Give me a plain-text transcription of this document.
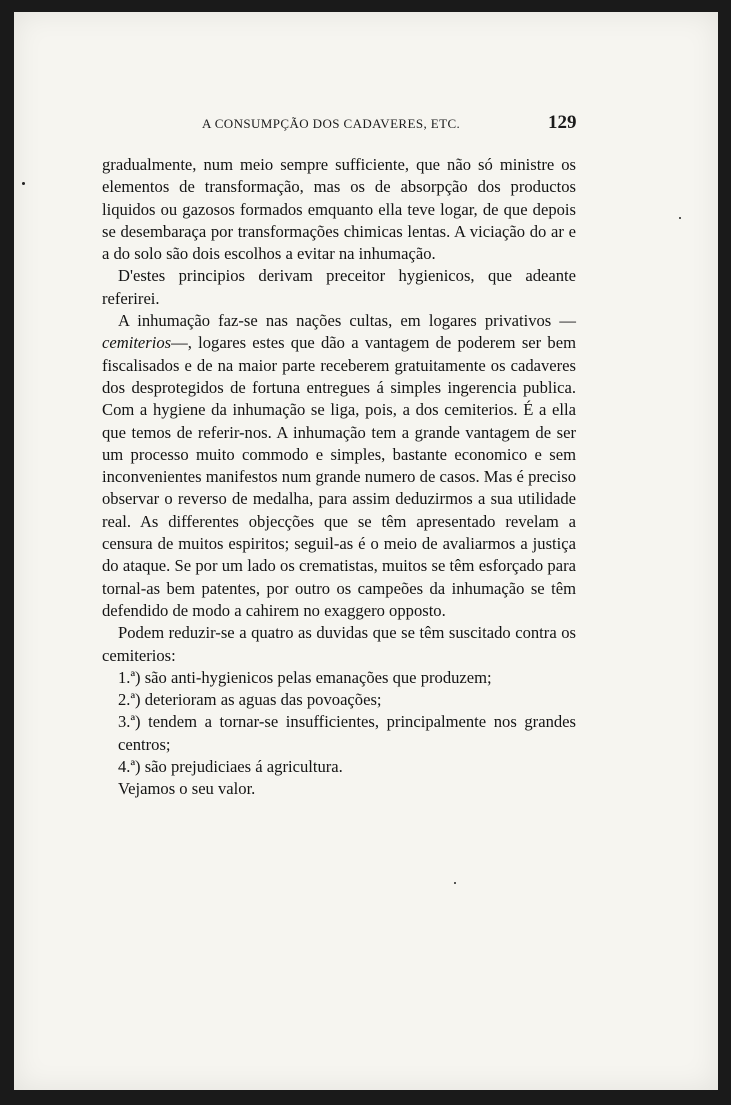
A CONSUMPÇÃO DOS CADAVERES, ETC.	129

gradualmente, num meio sempre sufficiente, que não só ministre os elementos de transformação, mas os de absorpção dos productos liquidos ou gazosos formados emquanto ella teve logar, de que depois se desembaraça por transformações chimicas lentas. A viciação do ar e a do solo são dois escolhos a evitar na inhumação.

D'estes principios derivam preceitor hygienicos, que adeante referirei.

A inhumação faz-se nas nações cultas, em logares privativos —cemiterios—, logares estes que dão a vantagem de poderem ser bem fiscalisados e de na maior parte receberem gratuitamente os cadaveres dos desprotegidos de fortuna entregues á simples ingerencia publica. Com a hygiene da inhumação se liga, pois, a dos cemiterios. É a ella que temos de referir-nos. A inhumação tem a grande vantagem de ser um processo muito commodo e simples, bastante economico e sem inconvenientes manifestos num grande numero de casos. Mas é preciso observar o reverso de medalha, para assim deduzirmos a sua utilidade real. As differentes objecções que se têm apresentado revelam a censura de muitos espiritos; seguil-as é o meio de avaliarmos a justiça do ataque. Se por um lado os crematistas, muitos se têm esforçado para tornal-as bem patentes, por outro os campeões da inhumação se têm defendido de modo a cahirem no exaggero opposto.

Podem reduzir-se a quatro as duvidas que se têm suscitado contra os cemiterios:

1.ª) são anti-hygienicos pelas emanações que produzem;

2.ª) deterioram as aguas das povoações;

3.ª) tendem a tornar-se insufficientes, principalmente nos grandes centros;

4.ª) são prejudiciaes á agricultura.

Vejamos o seu valor.
